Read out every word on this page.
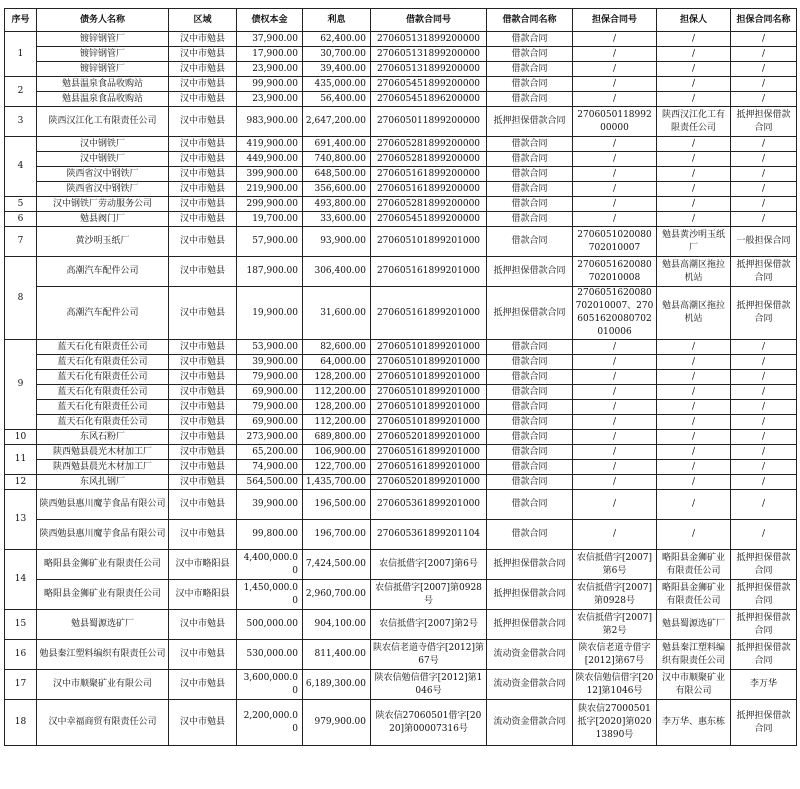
序号	债务人名称	区域	债权本金	利息	借款合同号	借款合同名称	担保合同号	担保人	担保合同名称
1	镀锌钢管厂	汉中市勉县	37,900.00	62,400.00	270605131899200000	借款合同	/	/	/
	镀锌钢管厂	汉中市勉县	17,900.00	30,700.00	270605131899200000	借款合同	/	/	/
	镀锌钢管厂	汉中市勉县	23,900.00	39,400.00	270605131899200000	借款合同	/	/	/
2	勉县温泉食品收购站	汉中市勉县	99,900.00	435,000.00	270605451899200000	借款合同	/	/	/
	勉县温泉食品收购站	汉中市勉县	23,900.00	56,400.00	270605451896200000	借款合同	/	/	/
3	陕西汉江化工有限责任公司	汉中市勉县	983,900.00	2,647,200.00	270605011899200000	抵押担保借款合同	270605011899200000	陕西汉江化工有限责任公司	抵押担保借款合同
4	汉中钢铁厂	汉中市勉县	419,900.00	691,400.00	270605281899200000	借款合同	/	/	/
	汉中钢铁厂	汉中市勉县	449,900.00	740,800.00	270605281899200000	借款合同	/	/	/
	陕西省汉中钢铁厂	汉中市勉县	399,900.00	648,500.00	270605161899200000	借款合同	/	/	/
	陕西省汉中钢铁厂	汉中市勉县	219,900.00	356,600.00	270605161899200000	借款合同	/	/	/
5	汉中钢铁厂劳动服务公司	汉中市勉县	299,900.00	493,800.00	270605281899200000	借款合同	/	/	/
6	勉县阀门厂	汉中市勉县	19,700.00	33,600.00	270605451899200000	借款合同	/	/	/
7	黄沙明玉纸厂	汉中市勉县	57,900.00	93,900.00	270605101899201000	借款合同	2706051020080702010007	勉县黄沙明玉纸厂	一般担保合同
8	高潮汽车配件公司	汉中市勉县	187,900.00	306,400.00	270605161899201000	抵押担保借款合同	2706051620080702010008	勉县高潮区拖拉机站	抵押担保借款合同
	高潮汽车配件公司	汉中市勉县	19,900.00	31,600.00	270605161899201000	抵押担保借款合同	2706051620080702010007、2706051620080702010006	勉县高潮区拖拉机站	抵押担保借款合同
9	蓝天石化有限责任公司	汉中市勉县	53,900.00	82,600.00	270605101899201000	借款合同	/	/	/
	蓝天石化有限责任公司	汉中市勉县	39,900.00	64,000.00	270605101899201000	借款合同	/	/	/
	蓝天石化有限责任公司	汉中市勉县	79,900.00	128,200.00	270605101899201000	借款合同	/	/	/
	蓝天石化有限责任公司	汉中市勉县	69,900.00	112,200.00	270605101899201000	借款合同	/	/	/
	蓝天石化有限责任公司	汉中市勉县	79,900.00	128,200.00	270605101899201000	借款合同	/	/	/
	蓝天石化有限责任公司	汉中市勉县	69,900.00	112,200.00	270605101899201000	借款合同	/	/	/
10	东风石粉厂	汉中市勉县	273,900.00	689,800.00	270605201899201000	借款合同	/	/	/
11	陕西勉县晨光木材加工厂	汉中市勉县	65,200.00	106,900.00	270605161899201000	借款合同	/	/	/
	陕西勉县晨光木材加工厂	汉中市勉县	74,900.00	122,700.00	270605161899201000	借款合同	/	/	/
12	东风扎钢厂	汉中市勉县	564,500.00	1,435,700.00	270605201899201000	借款合同	/	/	/
13	陕西勉县惠川魔芋食品有限公司	汉中市勉县	39,900.00	196,500.00	270605361899201000	借款合同	/	/	/
	陕西勉县惠川魔芋食品有限公司	汉中市勉县	99,800.00	196,700.00	270605361899201104	借款合同	/	/	/
14	略阳县金狮矿业有限责任公司	汉中市略阳县	4,400,000.00	7,424,500.00	农信抵借字[2007]第6号	抵押担保借款合同	农信抵借字[2007]第6号	略阳县金狮矿业有限责任公司	抵押担保借款合同
	略阳县金狮矿业有限责任公司	汉中市略阳县	1,450,000.00	2,960,700.00	农信抵借字[2007]第0928号	抵押担保借款合同	农信抵借字[2007]第0928号	略阳县金狮矿业有限责任公司	抵押担保借款合同
15	勉县蜀源选矿厂	汉中市勉县	500,000.00	904,100.00	农信抵借字[2007]第2号	抵押担保借款合同	农信抵借字[2007]第2号	勉县蜀源选矿厂	抵押担保借款合同
16	勉县秦江塑料编织有限责任公司	汉中市勉县	530,000.00	811,400.00	陕农信老道寺借字[2012]第67号	流动资金借款合同	陕农信老道寺借字[2012]第67号	勉县秦江塑料编织有限责任公司	抵押担保借款合同
17	汉中市顺聚矿业有限公司	汉中市勉县	3,600,000.00	6,189,300.00	陕农信勉信借字[2012]第1046号	流动资金借款合同	陕农信勉信借字[2012]第1046号	汉中市顺聚矿业有限公司	李万华
18	汉中幸福商贸有限责任公司	汉中市勉县	2,200,000.00	979,900.00	陕农信27060501借字[2020]第00007316号	流动资金借款合同	陕农信27000501抵字[2020]第02013890号	李万华、惠东栋	抵押担保借款合同
